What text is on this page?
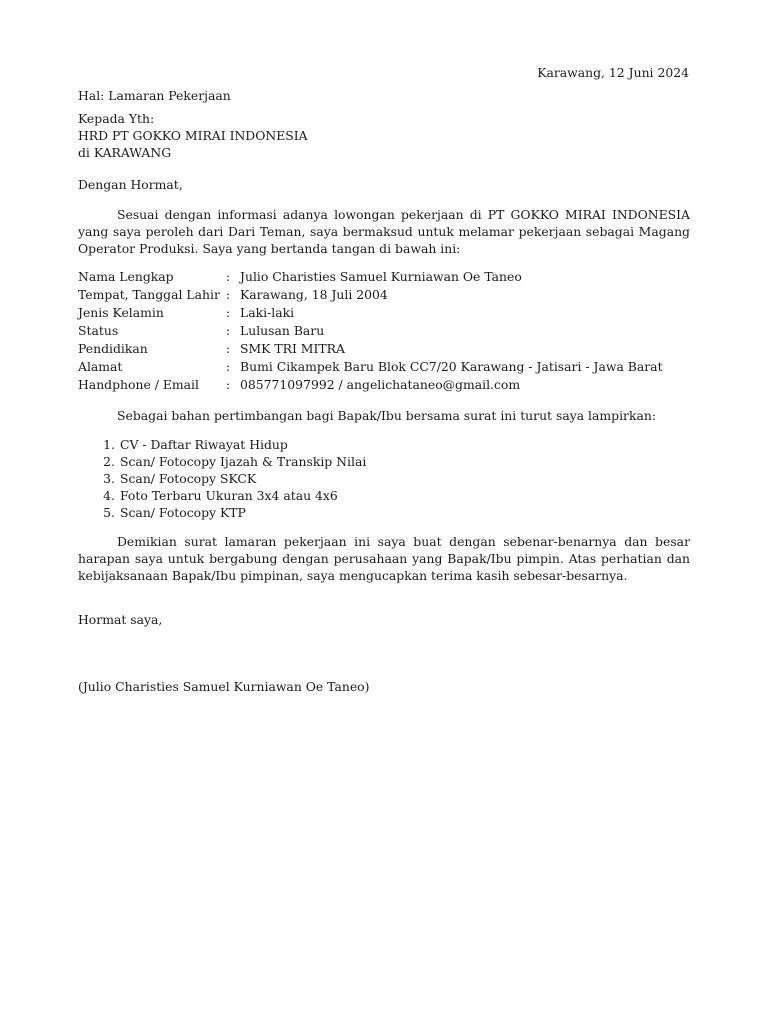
Karawang, 12 Juni 2024
Hal: Lamaran Pekerjaan
Kepada Yth:
HRD PT GOKKO MIRAI INDONESIA
di KARAWANG
Dengan Hormat,
Sesuai dengan informasi adanya lowongan pekerjaan di PT GOKKO MIRAI INDONESIA yang saya peroleh dari Dari Teman, saya bermaksud untuk melamar pekerjaan sebagai Magang Operator Produksi. Saya yang bertanda tangan di bawah ini:
Nama Lengkap	:	Julio Charisties Samuel Kurniawan Oe Taneo
Tempat, Tanggal Lahir	:	Karawang, 18 Juli 2004
Jenis Kelamin	:	Laki-laki
Status	:	Lulusan Baru
Pendidikan	:	SMK TRI MITRA
Alamat	:	Bumi Cikampek Baru Blok CC7/20 Karawang - Jatisari - Jawa Barat
Handphone / Email	:	085771097992 / angelichataneo@gmail.com
Sebagai bahan pertimbangan bagi Bapak/Ibu bersama surat ini turut saya lampirkan:
1. CV - Daftar Riwayat Hidup
2. Scan/ Fotocopy Ijazah & Transkip Nilai
3. Scan/ Fotocopy SKCK
4. Foto Terbaru Ukuran 3x4 atau 4x6
5. Scan/ Fotocopy KTP
Demikian surat lamaran pekerjaan ini saya buat dengan sebenar-benarnya dan besar harapan saya untuk bergabung dengan perusahaan yang Bapak/Ibu pimpin. Atas perhatian dan kebijaksanaan Bapak/Ibu pimpinan, saya mengucapkan terima kasih sebesar-besarnya.
Hormat saya,
(Julio Charisties Samuel Kurniawan Oe Taneo)
